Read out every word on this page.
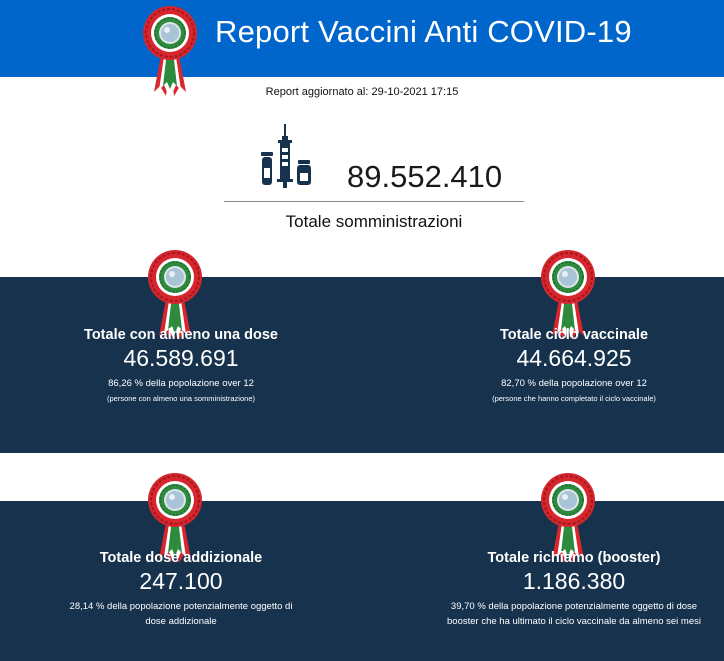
Report Vaccini Anti COVID-19
Report aggiornato al: 29-10-2021 17:15
89.552.410
Totale somministrazioni
Totale con almeno una dose
46.589.691
86,26 % della popolazione over 12
(persone con almeno una somministrazione)
Totale ciclo vaccinale
44.664.925
82,70 % della popolazione over 12
(persone che hanno completato il ciclo vaccinale)
Totale dose addizionale
247.100
28,14 % della popolazione potenzialmente oggetto di dose addizionale
Totale richiamo (booster)
1.186.380
39,70 % della popolazione potenzialmente oggetto di dose booster che ha ultimato il ciclo vaccinale da almeno sei mesi
